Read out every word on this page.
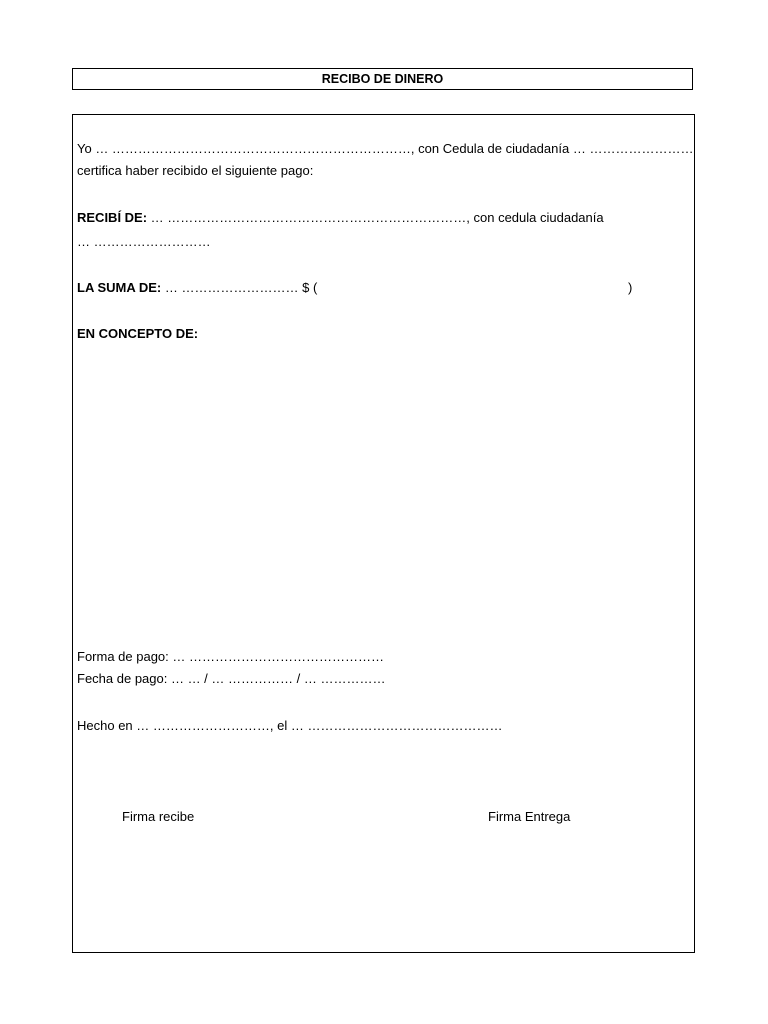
RECIBO DE DINERO
Yo … ……………………………………………………………, con Cedula de ciudadanía … ……………………
certifica haber recibido el siguiente pago:
RECIBÍ DE: … ……………………………………………………………, con cedula ciudadanía
… ………………………
LA SUMA DE: … ……………………… $ (	)
EN CONCEPTO DE:
Forma de pago: … ………………………………………
Fecha de pago: … … / … …………… / … ……………
Hecho en … ………………………, el … ………………………………………
Firma recibe	Firma Entrega
